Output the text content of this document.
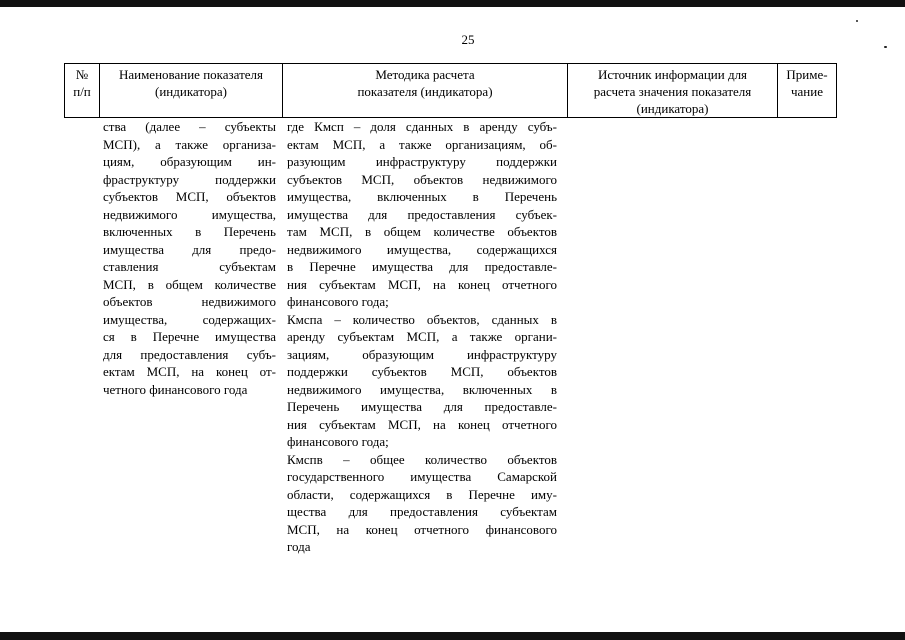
25
№
п/п
Наименование показателя
(индикатора)
Методика расчета
показателя (индикатора)
Источник информации для
расчета значения показателя
(индикатора)
Приме-
чание
ства (далее – субъекты
МСП), а также организа-
циям, образующим ин-
фраструктуру поддержки
субъектов МСП, объектов
недвижимого имущества,
включенных в Перечень
имущества для предо-
ставления субъектам
МСП, в общем количестве
объектов недвижимого
имущества, содержащих-
ся в Перечне имущества
для предоставления субъ-
ектам МСП, на конец от-
четного финансового года
где Кмсп – доля сданных в аренду субъ-
ектам МСП, а также организациям, об-
разующим инфраструктуру поддержки
субъектов МСП, объектов недвижимого
имущества, включенных в Перечень
имущества для предоставления субъек-
там МСП, в общем количестве объектов
недвижимого имущества, содержащихся
в Перечне имущества для предоставле-
ния субъектам МСП, на конец отчетного
финансового года;
Кмспа – количество объектов, сданных в
аренду субъектам МСП, а также органи-
зациям, образующим инфраструктуру
поддержки субъектов МСП, объектов
недвижимого имущества, включенных в
Перечень имущества для предоставле-
ния субъектам МСП, на конец отчетного
финансового года;
Кмспв – общее количество объектов
государственного имущества Самарской
области, содержащихся в Перечне иму-
щества для предоставления субъектам
МСП, на конец отчетного финансового
года
